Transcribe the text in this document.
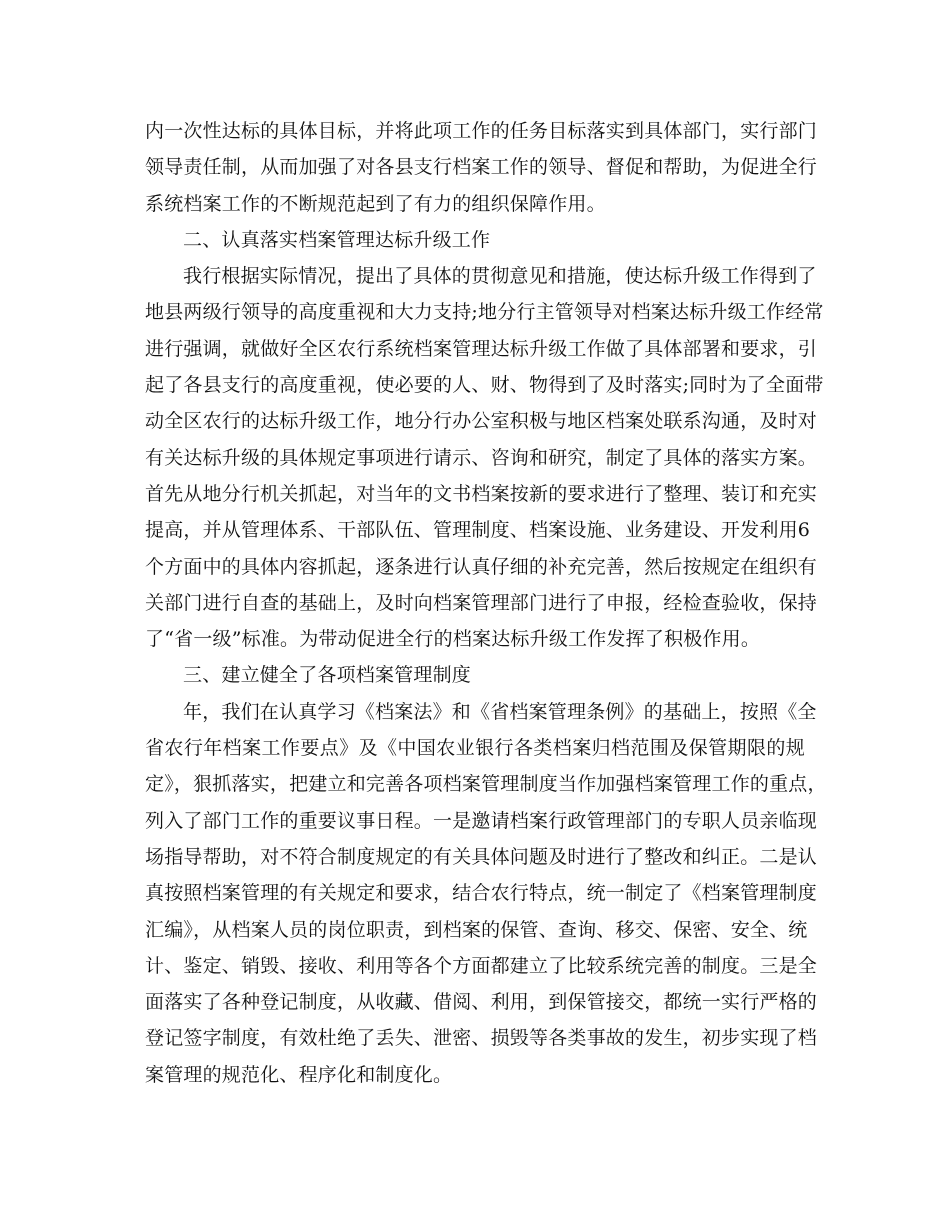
内一次性达标的具体目标，并将此项工作的任务目标落实到具体部门，实行部门
领导责任制，从而加强了对各县支行档案工作的领导、督促和帮助，为促进全行
系统档案工作的不断规范起到了有力的组织保障作用。

二、认真落实档案管理达标升级工作

我行根据实际情况，提出了具体的贯彻意见和措施，使达标升级工作得到了
地县两级行领导的高度重视和大力支持;地分行主管领导对档案达标升级工作经常
进行强调，就做好全区农行系统档案管理达标升级工作做了具体部署和要求，引
起了各县支行的高度重视，使必要的人、财、物得到了及时落实;同时为了全面带
动全区农行的达标升级工作，地分行办公室积极与地区档案处联系沟通，及时对
有关达标升级的具体规定事项进行请示、咨询和研究，制定了具体的落实方案。
首先从地分行机关抓起，对当年的文书档案按新的要求进行了整理、装订和充实
提高，并从管理体系、干部队伍、管理制度、档案设施、业务建设、开发利用6
个方面中的具体内容抓起，逐条进行认真仔细的补充完善，然后按规定在组织有
关部门进行自查的基础上，及时向档案管理部门进行了申报，经检查验收，保持
了“省一级”标准。为带动促进全行的档案达标升级工作发挥了积极作用。

三、建立健全了各项档案管理制度

年，我们在认真学习《档案法》和《省档案管理条例》的基础上，按照《全
省农行年档案工作要点》及《中国农业银行各类档案归档范围及保管期限的规
定》，狠抓落实，把建立和完善各项档案管理制度当作加强档案管理工作的重点，
列入了部门工作的重要议事日程。一是邀请档案行政管理部门的专职人员亲临现
场指导帮助，对不符合制度规定的有关具体问题及时进行了整改和纠正。二是认
真按照档案管理的有关规定和要求，结合农行特点，统一制定了《档案管理制度
汇编》，从档案人员的岗位职责，到档案的保管、查询、移交、保密、安全、统
计、鉴定、销毁、接收、利用等各个方面都建立了比较系统完善的制度。三是全
面落实了各种登记制度，从收藏、借阅、利用，到保管接交，都统一实行严格的
登记签字制度，有效杜绝了丢失、泄密、损毁等各类事故的发生，初步实现了档
案管理的规范化、程序化和制度化。
